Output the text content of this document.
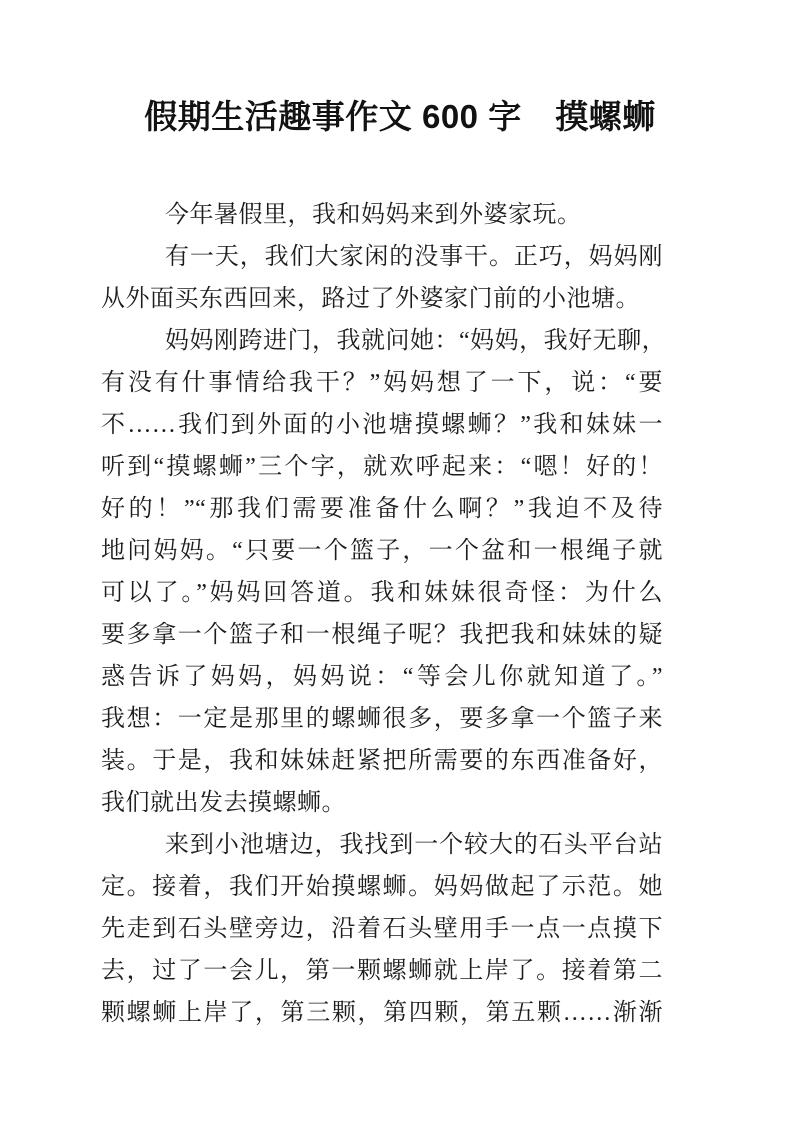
假期生活趣事作文 600 字　摸螺蛳
今年暑假里，我和妈妈来到外婆家玩。
有一天，我们大家闲的没事干。正巧，妈妈刚
从外面买东西回来，路过了外婆家门前的小池塘。
妈妈刚跨进门，我就问她：“妈妈，我好无聊，
有没有什事情给我干？”妈妈想了一下，说：“要
不……我们到外面的小池塘摸螺蛳？”我和妹妹一
听到“摸螺蛳”三个字，就欢呼起来：“嗯！好的！
好的！”“那我们需要准备什么啊？”我迫不及待
地问妈妈。“只要一个篮子，一个盆和一根绳子就
可以了。”妈妈回答道。我和妹妹很奇怪：为什么
要多拿一个篮子和一根绳子呢？我把我和妹妹的疑
惑告诉了妈妈，妈妈说：“等会儿你就知道了。”
我想：一定是那里的螺蛳很多，要多拿一个篮子来
装。于是，我和妹妹赶紧把所需要的东西准备好，
我们就出发去摸螺蛳。
来到小池塘边，我找到一个较大的石头平台站
定。接着，我们开始摸螺蛳。妈妈做起了示范。她
先走到石头壁旁边，沿着石头壁用手一点一点摸下
去，过了一会儿，第一颗螺蛳就上岸了。接着第二
颗螺蛳上岸了，第三颗，第四颗，第五颗……渐渐
